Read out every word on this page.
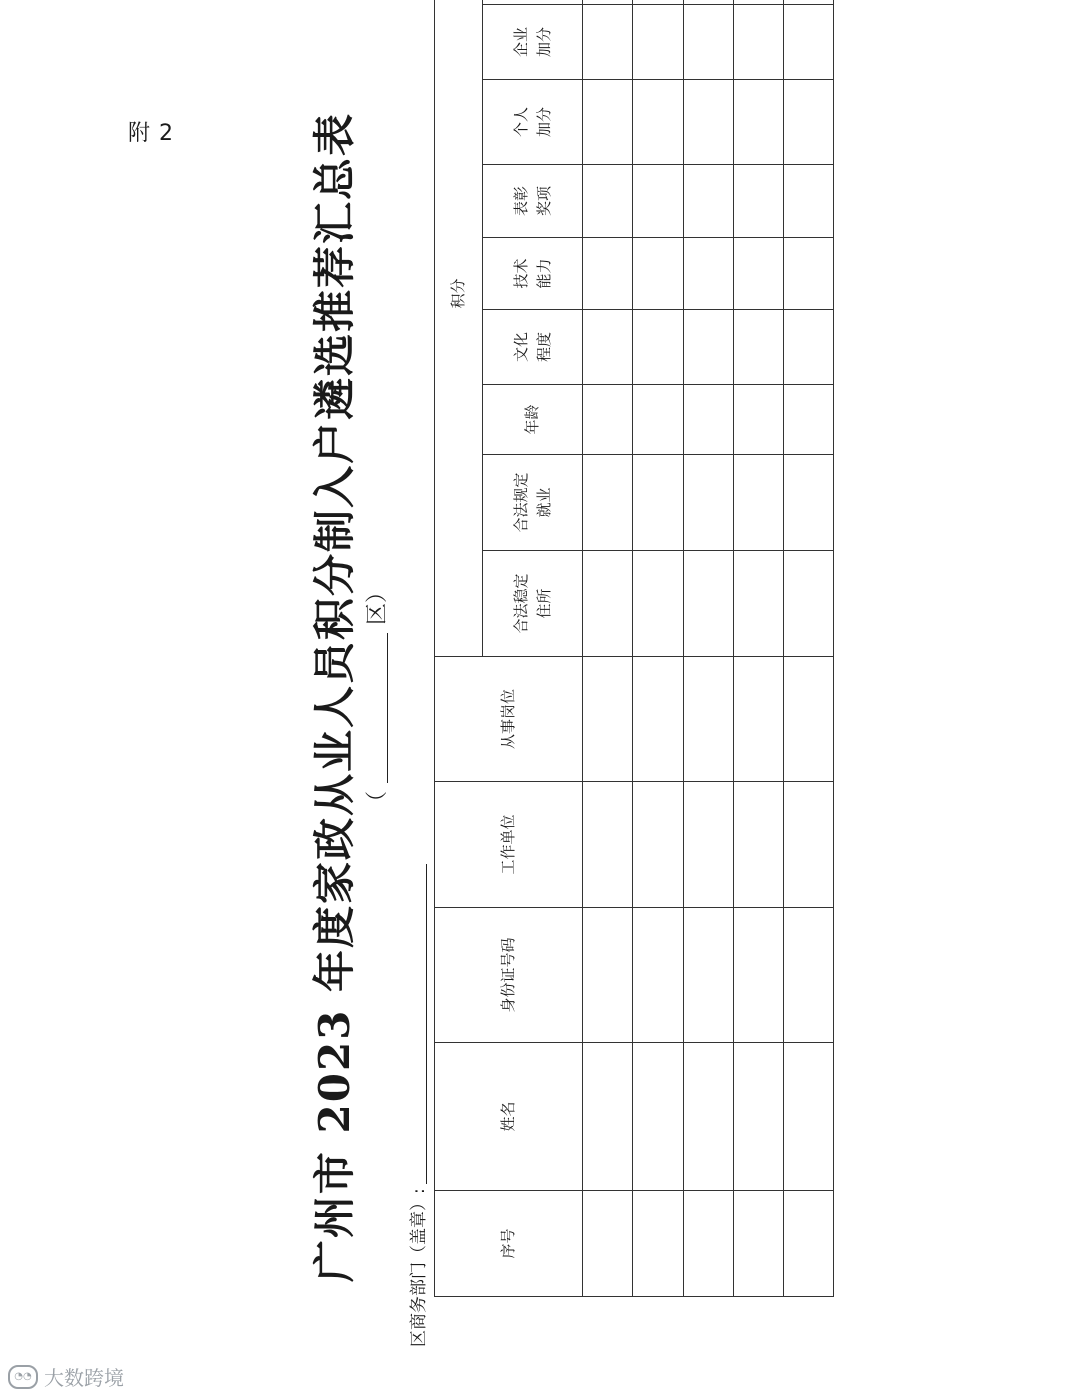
附 2	广州市 2023 年度家政从业人员积分制入户遴选推荐汇总表 （区）
区商务部门（盖章）:	序号	姓名	身份证号码	工作单位	从事岗位	积分								

					合法稳定 住所	合法规定 就业	年龄	文化 程度	技术 能力	表彰 奖项	个人 加分	企业 加分

◔◔ 大数跨境
